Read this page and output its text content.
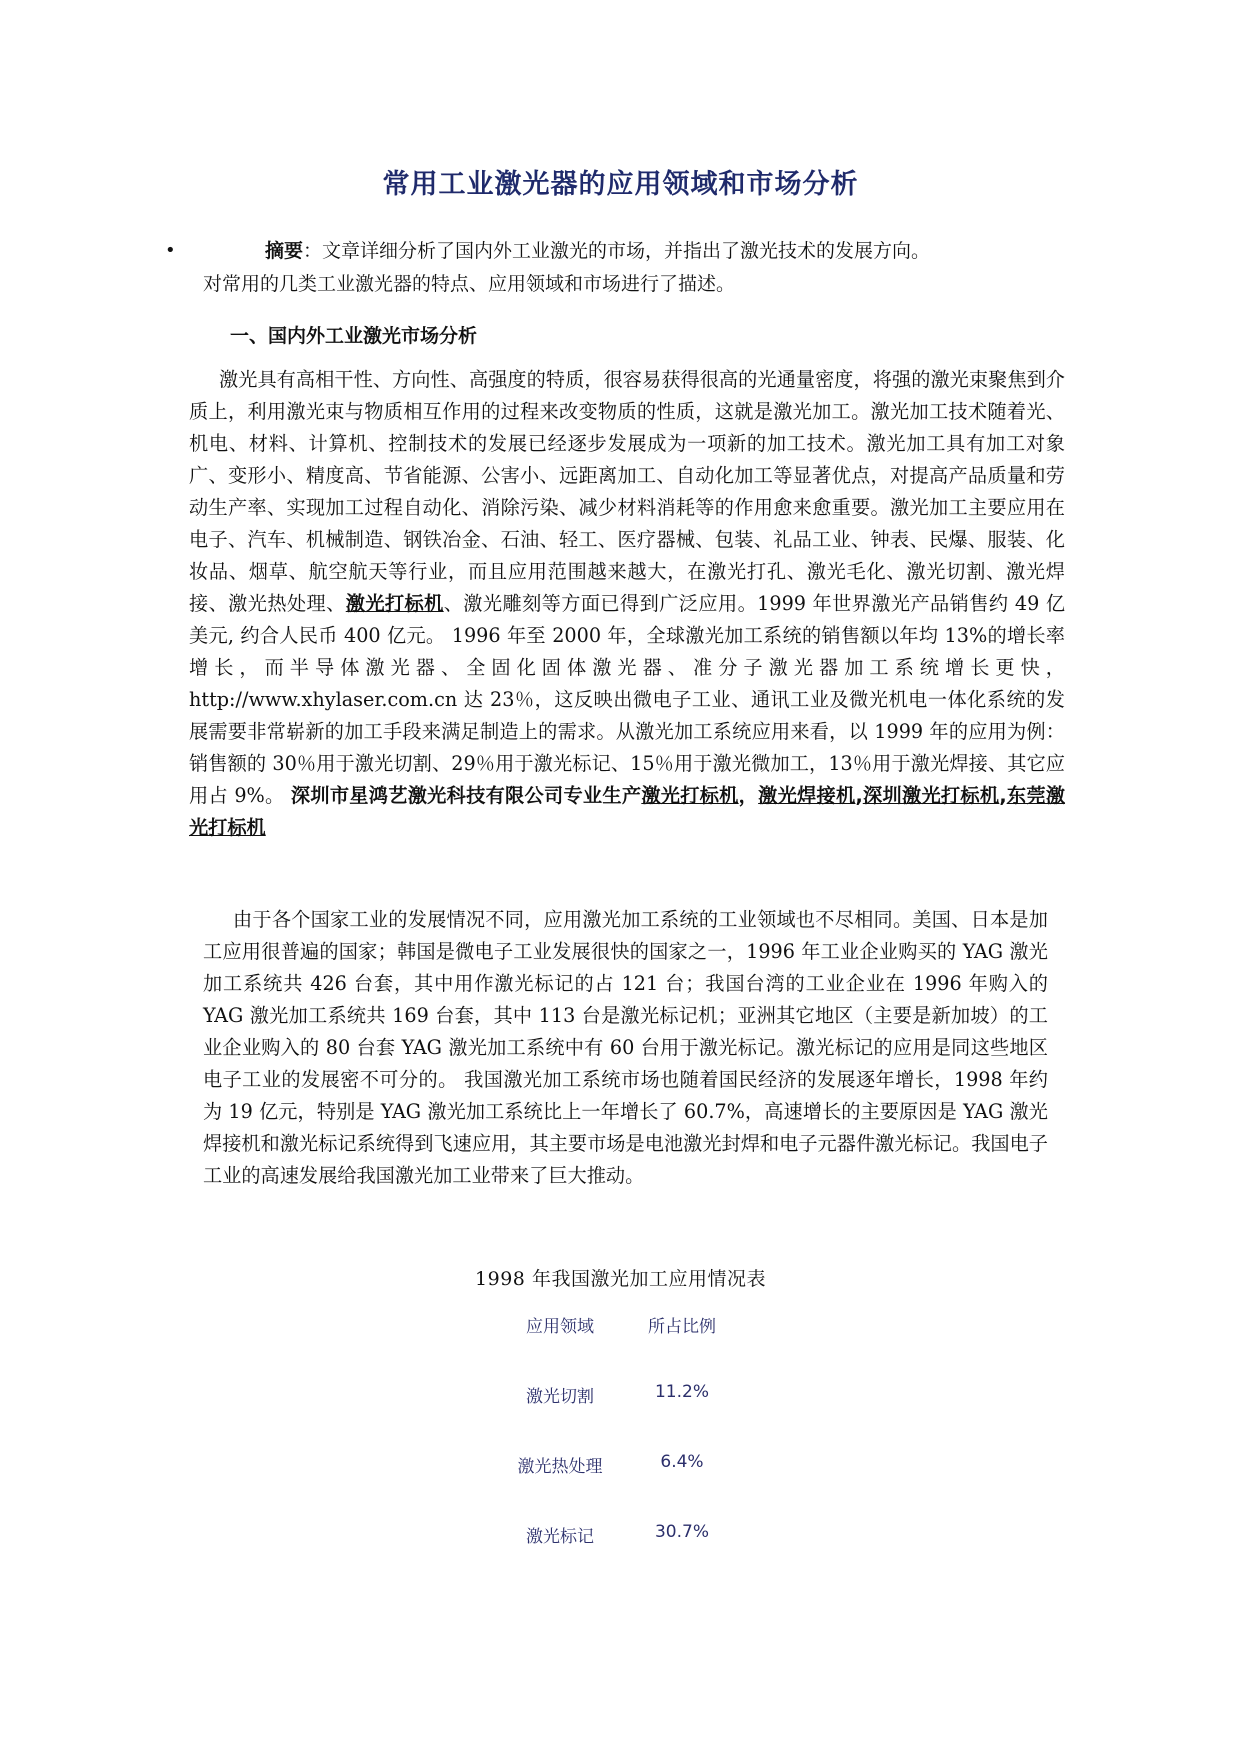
常用工业激光器的应用领域和市场分析
•	摘要：文章详细分析了国内外工业激光的市场，并指出了激光技术的发展方向。
对常用的几类工业激光器的特点、应用领域和市场进行了描述。
一、国内外工业激光市场分析

激光具有高相干性、方向性、高强度的特质，很容易获得很高的光通量密度，将强的激光束聚焦到介质上，利用激光束与物质相互作用的过程来改变物质的性质，这就是激光加工。激光加工技术随着光、机电、材料、计算机、控制技术的发展已经逐步发展成为一项新的加工技术。激光加工具有加工对象广、变形小、精度高、节省能源、公害小、远距离加工、自动化加工等显著优点，对提高产品质量和劳动生产率、实现加工过程自动化、消除污染、减少材料消耗等的作用愈来愈重要。激光加工主要应用在电子、汽车、机械制造、钢铁冶金、石油、轻工、医疗器械、包装、礼品工业、钟表、民爆、服装、化妆品、烟草、航空航天等行业，而且应用范围越来越大，在激光打孔、激光毛化、激光切割、激光焊接、激光热处理、激光打标机、激光雕刻等方面已得到广泛应用。1999 年世界激光产品销售约 49 亿美元, 约合人民币 400 亿元。 1996 年至 2000 年，全球激光加工系统的销售额以年均 13%的增长率增长，而半导体激光器、全固化固体激光器、准分子激光器加工系统增长更快，http://www.xhylaser.com.cn 达 23％，这反映出微电子工业、通讯工业及微光机电一体化系统的发展需要非常崭新的加工手段来满足制造上的需求。从激光加工系统应用来看，以 1999 年的应用为例：销售额的 30％用于激光切割、29％用于激光标记、15％用于激光微加工，13％用于激光焊接、其它应用占 9%。 深圳市星鸿艺激光科技有限公司专业生产激光打标机，激光焊接机,深圳激光打标机,东莞激光打标机

由于各个国家工业的发展情况不同，应用激光加工系统的工业领域也不尽相同。美国、日本是加工应用很普遍的国家；韩国是微电子工业发展很快的国家之一，1996 年工业企业购买的 YAG 激光加工系统共 426 台套，其中用作激光标记的占 121 台；我国台湾的工业企业在 1996 年购入的 YAG 激光加工系统共 169 台套，其中 113 台是激光标记机；亚洲其它地区（主要是新加坡）的工业企业购入的 80 台套 YAG 激光加工系统中有 60 台用于激光标记。激光标记的应用是同这些地区电子工业的发展密不可分的。 我国激光加工系统市场也随着国民经济的发展逐年增长，1998 年约为 19 亿元，特别是 YAG 激光加工系统比上一年增长了 60.7%，高速增长的主要原因是 YAG 激光焊接机和激光标记系统得到飞速应用，其主要市场是电池激光封焊和电子元器件激光标记。我国电子工业的高速发展给我国激光加工业带来了巨大推动。

1998 年我国激光加工应用情况表

应用领域	所占比例
激光切割	11.2%
激光热处理	6.4%
激光标记	30.7%
